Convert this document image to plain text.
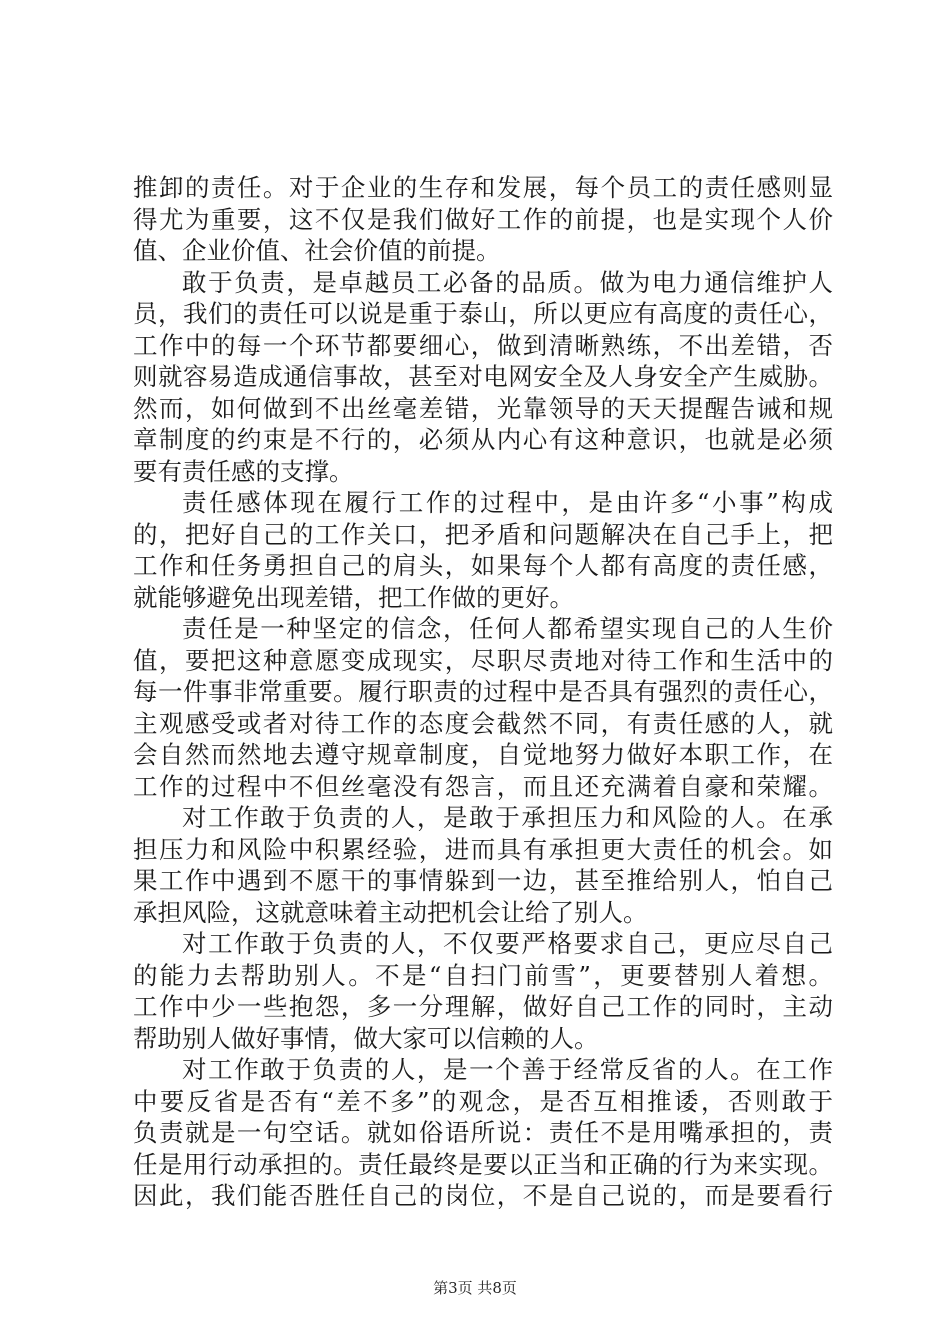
推卸的责任。对于企业的生存和发展，每个员工的责任感则显
得尤为重要，这不仅是我们做好工作的前提，也是实现个人价
值、企业价值、社会价值的前提。
敢于负责，是卓越员工必备的品质。做为电力通信维护人
员，我们的责任可以说是重于泰山，所以更应有高度的责任心，
工作中的每一个环节都要细心，做到清晰熟练，不出差错，否
则就容易造成通信事故，甚至对电网安全及人身安全产生威胁。
然而，如何做到不出丝毫差错，光靠领导的天天提醒告诫和规
章制度的约束是不行的，必须从内心有这种意识，也就是必须
要有责任感的支撑。
责任感体现在履行工作的过程中，是由许多“小事”构成
的，把好自己的工作关口，把矛盾和问题解决在自己手上，把
工作和任务勇担自己的肩头，如果每个人都有高度的责任感，
就能够避免出现差错，把工作做的更好。
责任是一种坚定的信念，任何人都希望实现自己的人生价
值，要把这种意愿变成现实，尽职尽责地对待工作和生活中的
每一件事非常重要。履行职责的过程中是否具有强烈的责任心，
主观感受或者对待工作的态度会截然不同，有责任感的人，就
会自然而然地去遵守规章制度，自觉地努力做好本职工作，在
工作的过程中不但丝毫没有怨言，而且还充满着自豪和荣耀。
对工作敢于负责的人，是敢于承担压力和风险的人。在承
担压力和风险中积累经验，进而具有承担更大责任的机会。如
果工作中遇到不愿干的事情躲到一边，甚至推给别人，怕自己
承担风险，这就意味着主动把机会让给了别人。
对工作敢于负责的人，不仅要严格要求自己，更应尽自己
的能力去帮助别人。不是“自扫门前雪”，更要替别人着想。
工作中少一些抱怨，多一分理解，做好自己工作的同时，主动
帮助别人做好事情，做大家可以信赖的人。
对工作敢于负责的人，是一个善于经常反省的人。在工作
中要反省是否有“差不多”的观念，是否互相推诿，否则敢于
负责就是一句空话。就如俗语所说：责任不是用嘴承担的，责
任是用行动承担的。责任最终是要以正当和正确的行为来实现。
因此，我们能否胜任自己的岗位，不是自己说的，而是要看行
第3页 共8页
